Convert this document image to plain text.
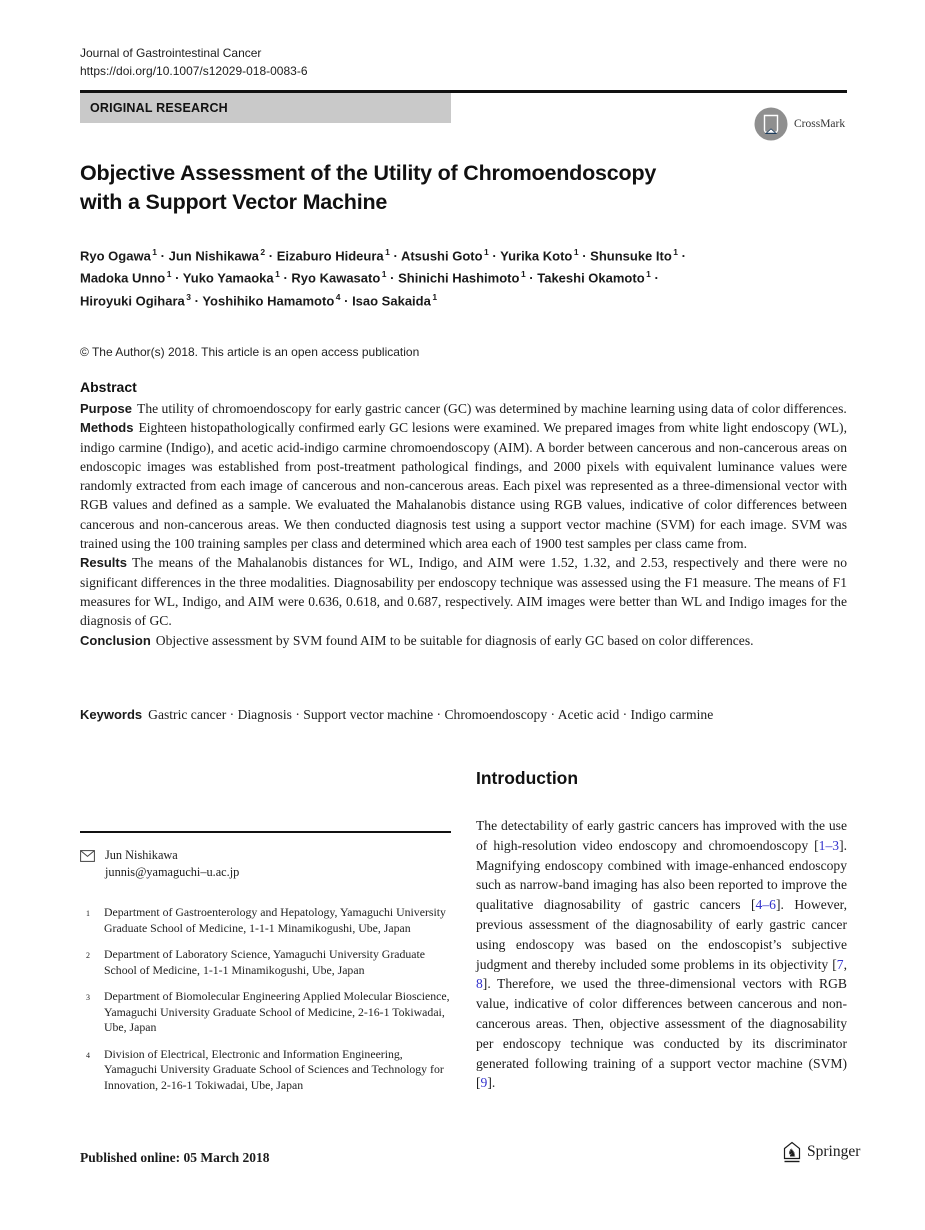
Journal of Gastrointestinal Cancer
https://doi.org/10.1007/s12029-018-0083-6
ORIGINAL RESEARCH
CrossMark
Objective Assessment of the Utility of Chromoendoscopy
with a Support Vector Machine
Ryo Ogawa $^1$ · Jun Nishikawa $^2$ · Eizaburo Hideura $^1$ · Atsushi Goto $^1$ · Yurika Koto $^1$ · Shunsuke Ito $^1$ ·
Madoka Unno $^1$ · Yuko Yamaoka $^1$ · Ryo Kawasato $^1$ · Shinichi Hashimoto $^1$ · Takeshi Okamoto $^1$ ·
Hiroyuki Ogihara $^3$ · Yoshihiko Hamamoto $^4$ · Isao Sakaida $^1$
© The Author(s) 2018. This article is an open access publication
Abstract

Purpose The utility of chromoendoscopy for early gastric cancer (GC) was determined by machine learning using data of color differences.

Methods Eighteen histopathologically confirmed early GC lesions were examined. We prepared images from white light endoscopy (WL), indigo carmine (Indigo), and acetic acid-indigo carmine chromoendoscopy (AIM). A border between cancerous and non-cancerous areas on endoscopic images was established from post-treatment pathological findings, and 2000 pixels with equivalent luminance values were randomly extracted from each image of cancerous and non-cancerous areas. Each pixel was represented as a three-dimensional vector with RGB values and defined as a sample. We evaluated the Mahalanobis distance using RGB values, indicative of color differences between cancerous and non-cancerous areas. We then conducted diagnosis test using a support vector machine (SVM) for each image. SVM was trained using the 100 training samples per class and determined which area each of 1900 test samples per class came from.

Results The means of the Mahalanobis distances for WL, Indigo, and AIM were 1.52, 1.32, and 2.53, respectively and there were no significant differences in the three modalities. Diagnosability per endoscopy technique was assessed using the F1 measure. The means of F1 measures for WL, Indigo, and AIM were 0.636, 0.618, and 0.687, respectively. AIM images were better than WL and Indigo images for the diagnosis of GC.

Conclusion Objective assessment by SVM found AIM to be suitable for diagnosis of early GC based on color differences.

Keywords Gastric cancer · Diagnosis · Support vector machine · Chromoendoscopy · Acetic acid · Indigo carmine
Jun Nishikawa
junnis@yamaguchi–u.ac.jp
1 Department of Gastroenterology and Hepatology, Yamaguchi University Graduate School of Medicine, 1-1-1 Minamikogushi, Ube, Japan
2 Department of Laboratory Science, Yamaguchi University Graduate School of Medicine, 1-1-1 Minamikogushi, Ube, Japan
3 Department of Biomolecular Engineering Applied Molecular Bioscience, Yamaguchi University Graduate School of Medicine, 2-16-1 Tokiwadai, Ube, Japan
4 Division of Electrical, Electronic and Information Engineering, Yamaguchi University Graduate School of Sciences and Technology for Innovation, 2-16-1 Tokiwadai, Ube, Japan
Introduction

The detectability of early gastric cancers has improved with the use of high-resolution video endoscopy and chromoendoscopy [1–3]. Magnifying endoscopy combined with image-enhanced endoscopy such as narrow-band imaging has also been reported to improve the qualitative diagnosability of gastric cancers [4–6]. However, previous assessment of the diagnosability of early gastric cancer using endoscopy was based on the endoscopist’s subjective judgment and thereby included some problems in its objectivity [7, 8]. Therefore, we used the three-dimensional vectors with RGB value, indicative of color differences between cancerous and non-cancerous areas. Then, objective assessment of the diagnosability per endoscopy technique was conducted by its discriminator generated following training of a support vector machine (SVM) [9].

Published online: 05 March 2018	♞ Springer
